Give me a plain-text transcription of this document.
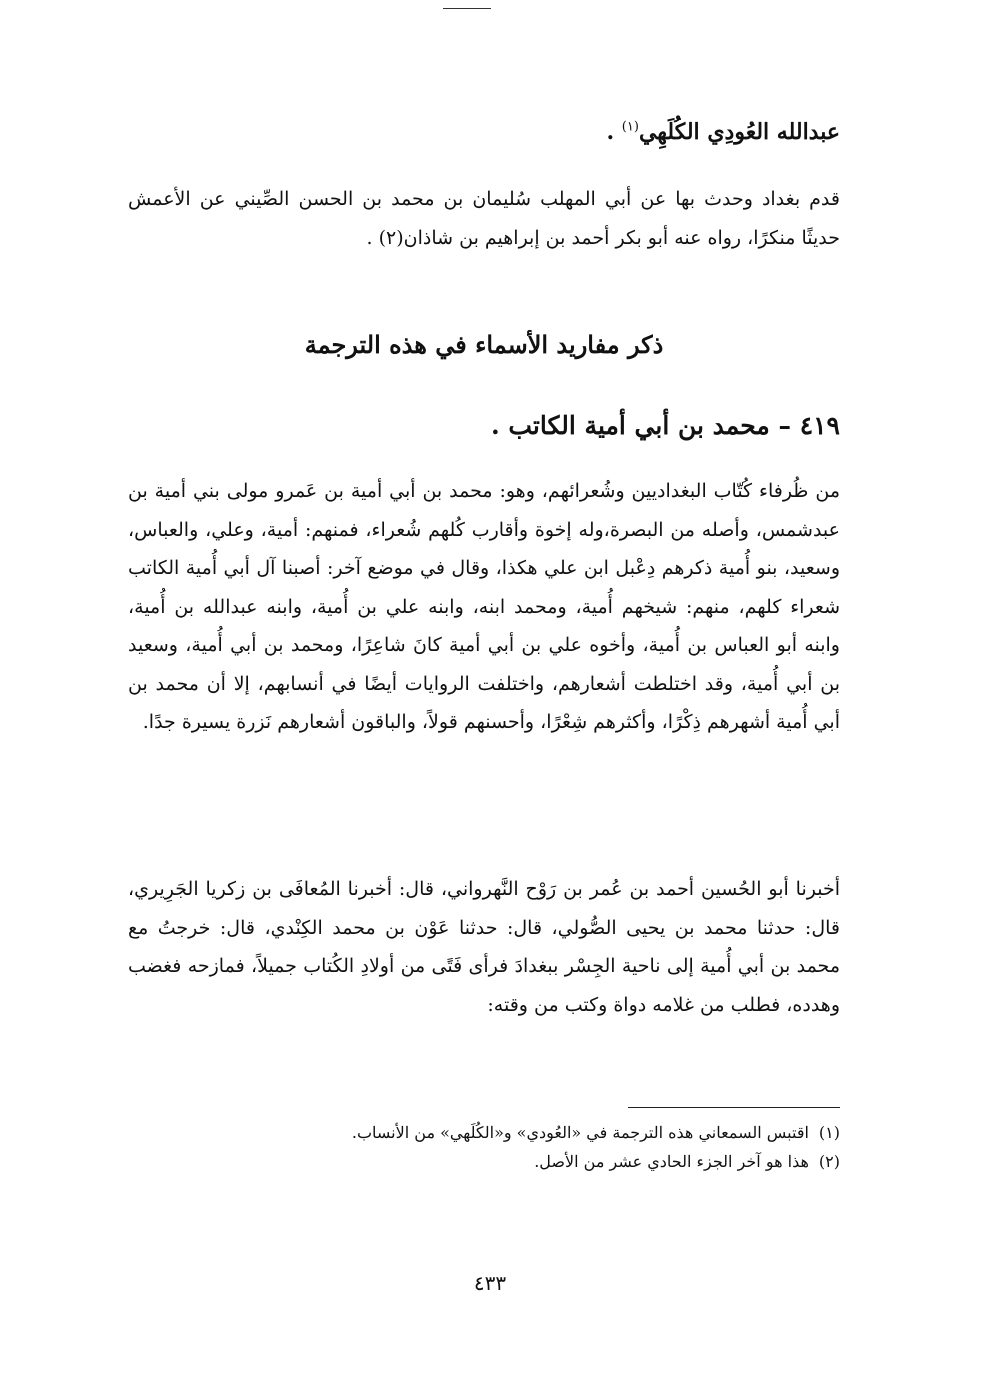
عبدالله العُودِي الكُلَهِي$^{(١)}$ .
قدم بغداد وحدث بها عن أبي المهلب سُليمان بن محمد بن الحسن الصِّيني عن الأعمش حديثًا منكرًا، رواه عنه أبو بكر أحمد بن إبراهيم بن شاذان(٢) .
ذكر مفاريد الأسماء في هذه الترجمة
٤١٩ – محمد بن أبي أمية الكاتب .
من ظُرفاء كُتّاب البغداديين وشُعرائهم، وهو: محمد بن أبي أمية بن عَمرو مولى بني أمية بن عبدشمس، وأصله من البصرة،وله إخوة وأقارب كُلهم شُعراء، فمنهم: أمية، وعلي، والعباس، وسعيد، بنو أُمية ذكرهم دِعْبل ابن علي هكذا، وقال في موضع آخر: أصبنا آل أبي أُمية الكاتب شعراء كلهم، منهم: شيخهم أُمية، ومحمد ابنه، وابنه علي بن أُمية، وابنه عبدالله بن أُمية، وابنه أبو العباس بن أُمية، وأخوه علي بن أبي أمية كانَ شاعِرًا، ومحمد بن أبي أُمية، وسعيد بن أبي أُمية، وقد اختلطت أشعارهم، واختلفت الروايات أيضًا في أنسابهم، إلا أن محمد بن أبي أُمية أشهرهم ذِكْرًا، وأكثرهم شِعْرًا، وأحسنهم قولاً، والباقون أشعارهم نَزرة يسيرة جدًا.
أخبرنا أبو الحُسين أحمد بن عُمر بن رَوْح النَّهرواني، قال: أخبرنا المُعافَى بن زكريا الجَرِيري، قال: حدثنا محمد بن يحيى الصُّولي، قال: حدثنا عَوْن بن محمد الكِنْدي، قال: خرجتُ مع محمد بن أبي أُمية إلى ناحية الجِسْر ببغدادَ فرأى فَتًى من أولادِ الكُتاب جميلاً، فمازحه فغضب وهدده، فطلب من غلامه دواة وكتب من وقته:
(١)اقتبس السمعاني هذه الترجمة في «العُودي» و«الكُلَهي» من الأنساب.
(٢)هذا هو آخر الجزء الحادي عشر من الأصل.
٤٣٣
